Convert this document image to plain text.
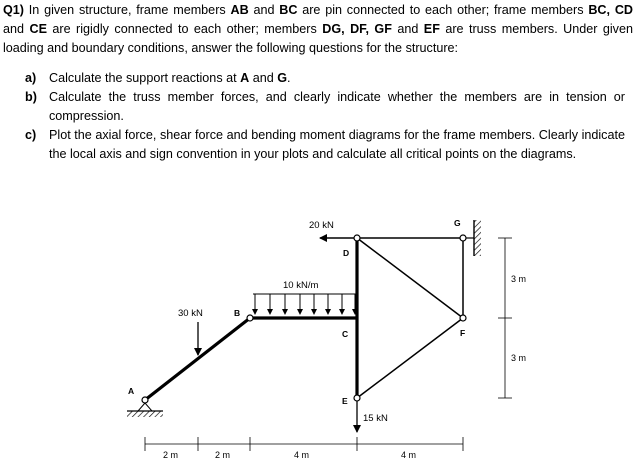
Q1) In given structure, frame members AB and BC are pin connected to each other; frame members BC, CD and CE are rigidly connected to each other; members DG, DF, GF and EF are truss members. Under given loading and boundary conditions, answer the following questions for the structure:
a) Calculate the support reactions at A and G.
b) Calculate the truss member forces, and clearly indicate whether the members are in tension or compression.
c) Plot the axial force, shear force and bending moment diagrams for the frame members. Clearly indicate the local axis and sign convention in your plots and calculate all critical points on the diagrams.
20 kN
10 kN/m
30 kN
15 kN
A
B
C
D
E
F
G
2 m	2 m	4 m	4 m
3 m
3 m
